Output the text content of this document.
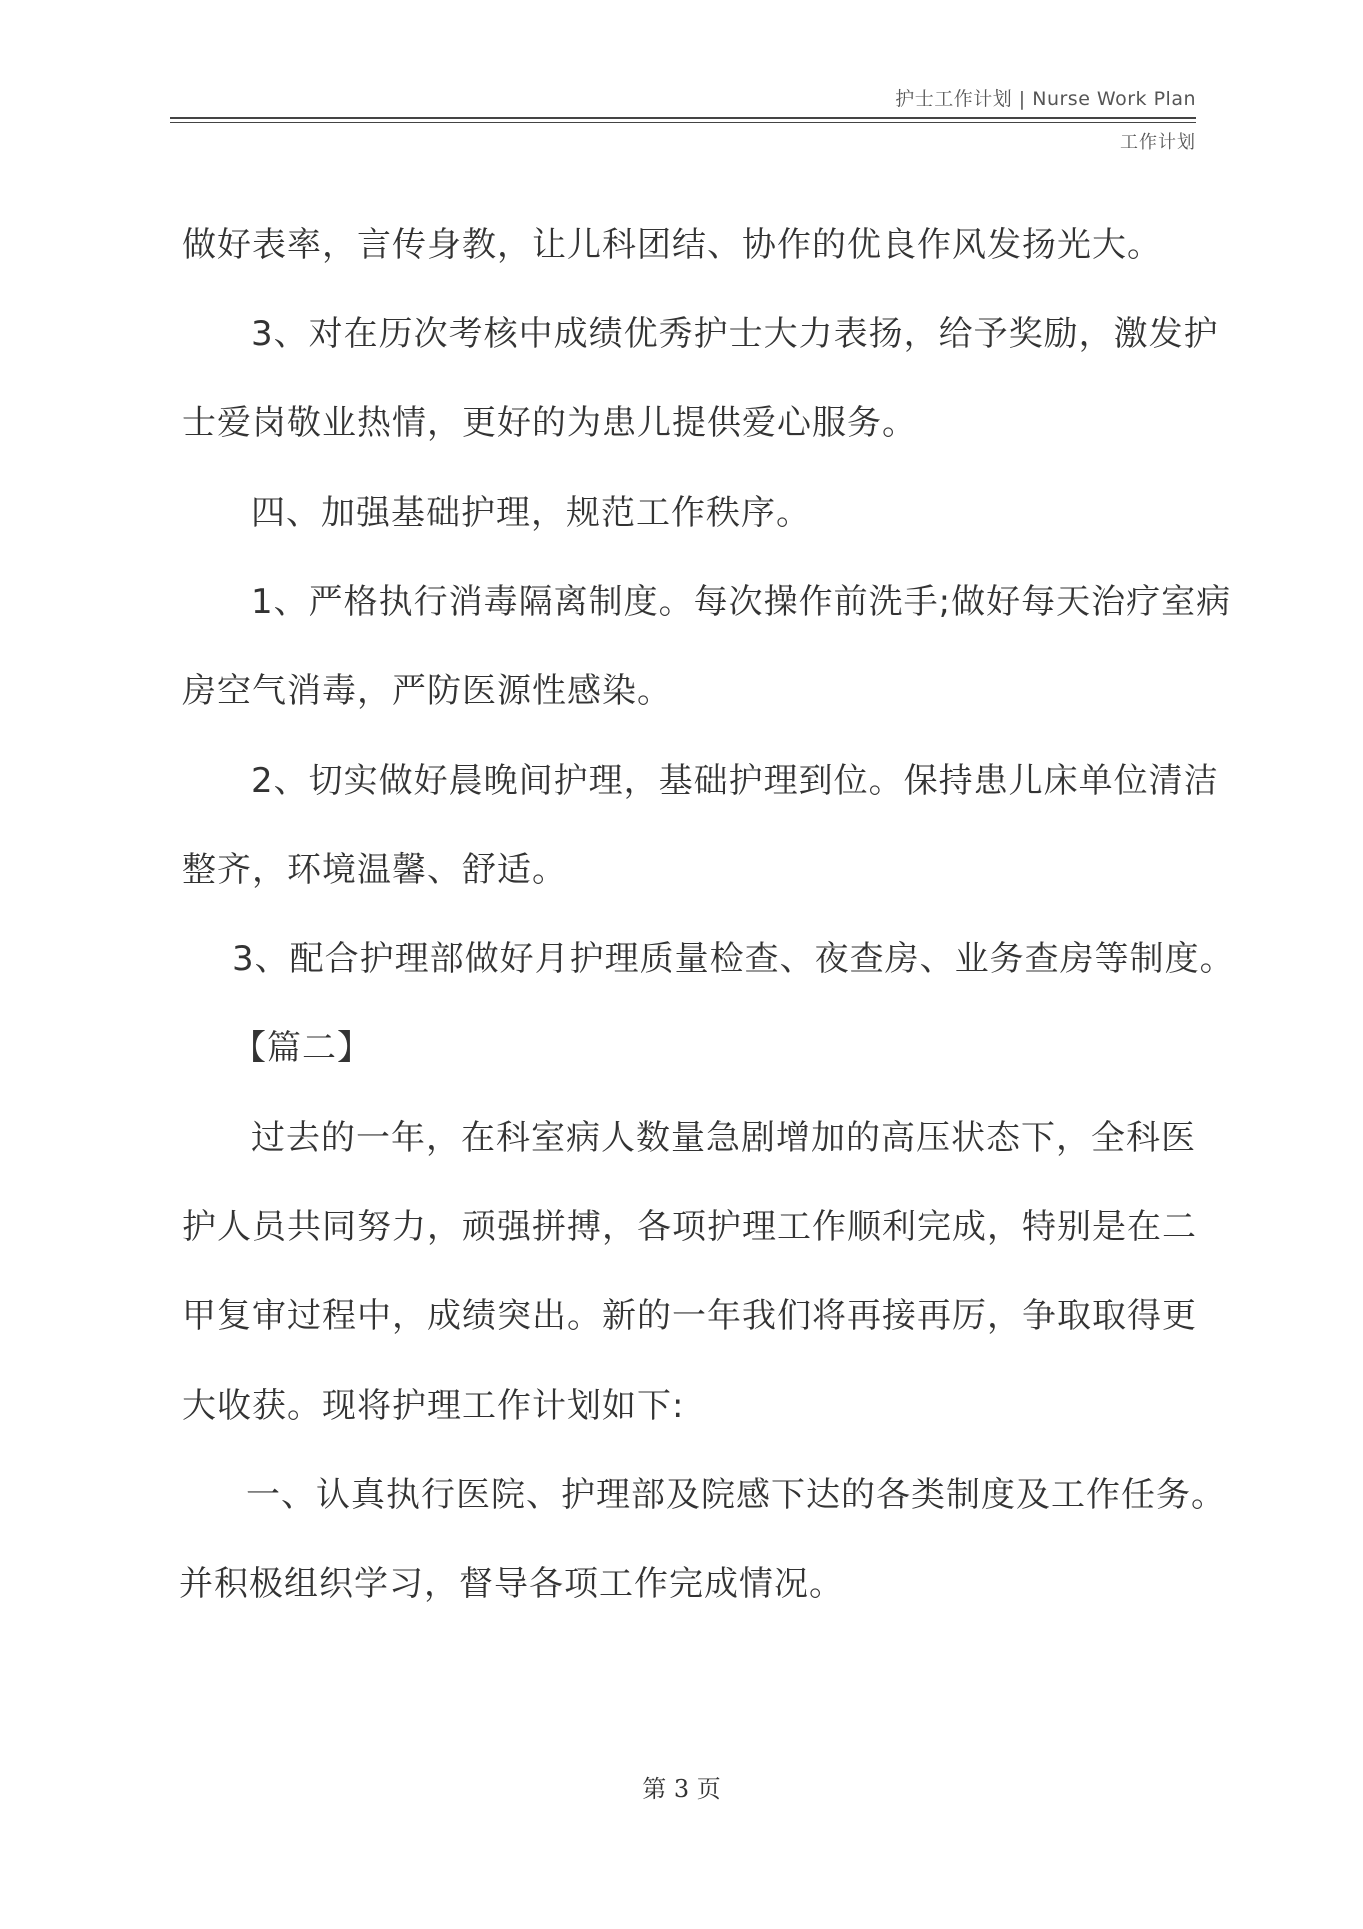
护士工作计划 | Nurse Work Plan
工作计划
做好表率，言传身教，让儿科团结、协作的优良作风发扬光大。
3、对在历次考核中成绩优秀护士大力表扬，给予奖励，激发护
士爱岗敬业热情，更好的为患儿提供爱心服务。
四、加强基础护理，规范工作秩序。
1、严格执行消毒隔离制度。每次操作前洗手;做好每天治疗室病
房空气消毒，严防医源性感染。
2、切实做好晨晚间护理，基础护理到位。保持患儿床单位清洁
整齐，环境温馨、舒适。
3、配合护理部做好月护理质量检查、夜查房、业务查房等制度。
【篇二】
过去的一年，在科室病人数量急剧增加的高压状态下，全科医
护人员共同努力，顽强拼搏，各项护理工作顺利完成，特别是在二
甲复审过程中，成绩突出。新的一年我们将再接再厉，争取取得更
大收获。现将护理工作计划如下:
一、认真执行医院、护理部及院感下达的各类制度及工作任务。
并积极组织学习，督导各项工作完成情况。
第 3 页
